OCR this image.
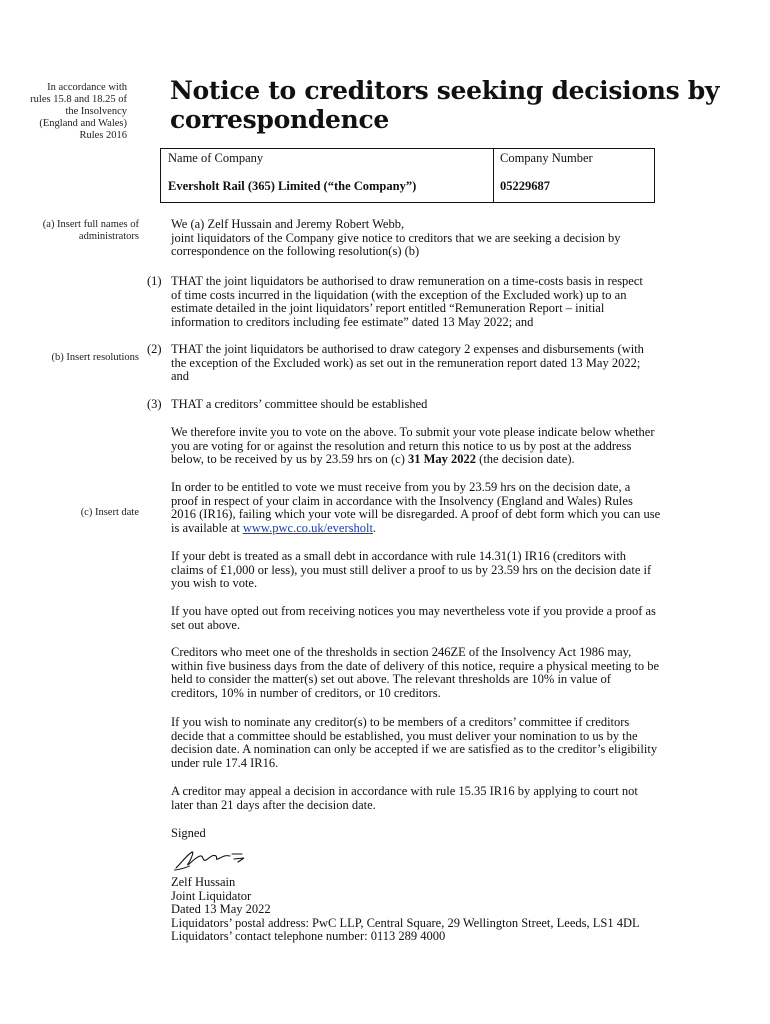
In accordance with
rules 15.8 and 18.25 of
the Insolvency
(England and Wales)
Rules 2016
(a) Insert full names of
administrators
(b) Insert resolutions
(c) Insert date
Notice to creditors seeking decisions by
correspondence
Name of Company	Company Number
Eversholt Rail (365) Limited (“the Company”)	05229687
We (a) Zelf Hussain and Jeremy Robert Webb,
joint liquidators of the Company give notice to creditors that we are seeking a decision by
correspondence on the following resolution(s) (b)
(1) THAT the joint liquidators be authorised to draw remuneration on a time-costs basis in respect
of time costs incurred in the liquidation (with the exception of the Excluded work) up to an
estimate detailed in the joint liquidators’ report entitled “Remuneration Report – initial
information to creditors including fee estimate” dated 13 May 2022; and
(2) THAT the joint liquidators be authorised to draw category 2 expenses and disbursements (with
the exception of the Excluded work) as set out in the remuneration report dated 13 May 2022;
and
(3) THAT a creditors’ committee should be established
We therefore invite you to vote on the above. To submit your vote please indicate below whether
you are voting for or against the resolution and return this notice to us by post at the address
below, to be received by us by 23.59 hrs on (c) 31 May 2022 (the decision date).
In order to be entitled to vote we must receive from you by 23.59 hrs on the decision date, a
proof in respect of your claim in accordance with the Insolvency (England and Wales) Rules
2016 (IR16), failing which your vote will be disregarded. A proof of debt form which you can use
is available at www.pwc.co.uk/eversholt.
If your debt is treated as a small debt in accordance with rule 14.31(1) IR16 (creditors with
claims of £1,000 or less), you must still deliver a proof to us by 23.59 hrs on the decision date if
you wish to vote.
If you have opted out from receiving notices you may nevertheless vote if you provide a proof as
set out above.
Creditors who meet one of the thresholds in section 246ZE of the Insolvency Act 1986 may,
within five business days from the date of delivery of this notice, require a physical meeting to be
held to consider the matter(s) set out above. The relevant thresholds are 10% in value of
creditors, 10% in number of creditors, or 10 creditors.
If you wish to nominate any creditor(s) to be members of a creditors’ committee if creditors
decide that a committee should be established, you must deliver your nomination to us by the
decision date. A nomination can only be accepted if we are satisfied as to the creditor’s eligibility
under rule 17.4 IR16.
A creditor may appeal a decision in accordance with rule 15.35 IR16 by applying to court not
later than 21 days after the decision date.
Signed
Zelf Hussain
Joint Liquidator
Dated 13 May 2022
Liquidators’ postal address: PwC LLP, Central Square, 29 Wellington Street, Leeds, LS1 4DL
Liquidators’ contact telephone number: 0113 289 4000
